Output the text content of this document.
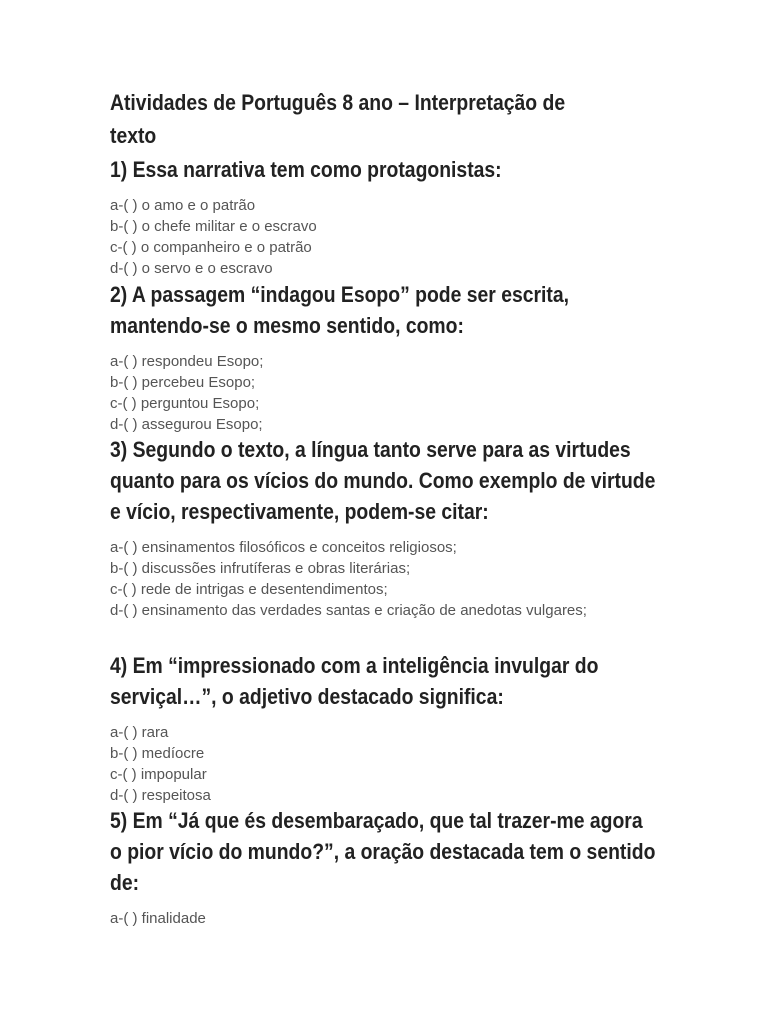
Atividades de Português 8 ano – Interpretação de texto

1) Essa narrativa tem como protagonistas:

a-( ) o amo e o patrão
b-( ) o chefe militar e o escravo
c-( ) o companheiro e o patrão
d-( ) o servo e o escravo

2) A passagem “indagou Esopo” pode ser escrita, mantendo-se o mesmo sentido, como:

a-( ) respondeu Esopo;
b-( ) percebeu Esopo;
c-( ) perguntou Esopo;
d-( ) assegurou Esopo;

3) Segundo o texto, a língua tanto serve para as virtudes quanto para os vícios do mundo. Como exemplo de virtude e vício, respectivamente, podem-se citar:

a-( ) ensinamentos filosóficos e conceitos religiosos;
b-( ) discussões infrutíferas e obras literárias;
c-( ) rede de intrigas e desentendimentos;
d-( ) ensinamento das verdades santas e criação de anedotas vulgares;

4) Em “impressionado com a inteligência invulgar do serviçal…”, o adjetivo destacado significa:

a-( ) rara
b-( ) medíocre
c-( ) impopular
d-( ) respeitosa

5) Em “Já que és desembaraçado, que tal trazer-me agora o pior vício do mundo?”, a oração destacada tem o sentido de:

a-( ) finalidade
